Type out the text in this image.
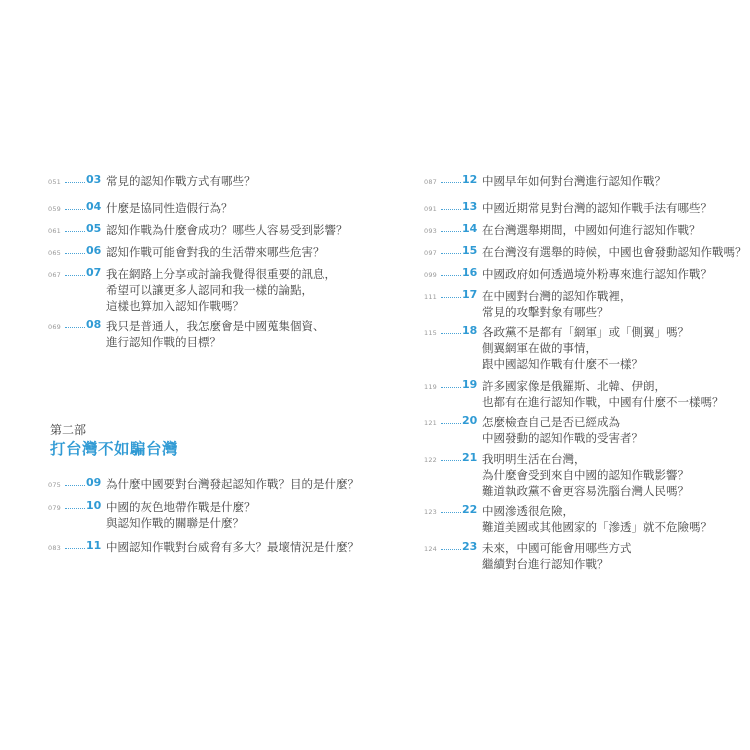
051 03 常見的認知作戰方式有哪些？
059 04 什麼是協同性造假行為？
061 05 認知作戰為什麼會成功？哪些人容易受到影響？
065 06 認知作戰可能會對我的生活帶來哪些危害？
067 07 我在網路上分享或討論我覺得很重要的訊息，
希望可以讓更多人認同和我一樣的論點，
這樣也算加入認知作戰嗎？
069 08 我只是普通人，我怎麼會是中國蒐集個資、
進行認知作戰的目標？
第二部
打台灣不如騙台灣
075 09 為什麼中國要對台灣發起認知作戰？目的是什麼？
079 10 中國的灰色地帶作戰是什麼？
與認知作戰的關聯是什麼？
083 11 中國認知作戰對台威脅有多大？最壞情況是什麼？
087 12 中國早年如何對台灣進行認知作戰？
091 13 中國近期常見對台灣的認知作戰手法有哪些？
093 14 在台灣選舉期間，中國如何進行認知作戰？
097 15 在台灣沒有選舉的時候，中國也會發動認知作戰嗎？
099 16 中國政府如何透過境外粉專來進行認知作戰？
111 17 在中國對台灣的認知作戰裡，
常見的攻擊對象有哪些？
115 18 各政黨不是都有「網軍」或「側翼」嗎？
側翼網軍在做的事情，
跟中國認知作戰有什麼不一樣？
119 19 許多國家像是俄羅斯、北韓、伊朗，
也都有在進行認知作戰，中國有什麼不一樣嗎？
121 20 怎麼檢查自己是否已經成為
中國發動的認知作戰的受害者？
122 21 我明明生活在台灣，
為什麼會受到來自中國的認知作戰影響？
難道執政黨不會更容易洗腦台灣人民嗎？
123 22 中國滲透很危險，
難道美國或其他國家的「滲透」就不危險嗎？
124 23 未來，中國可能會用哪些方式
繼續對台進行認知作戰？
